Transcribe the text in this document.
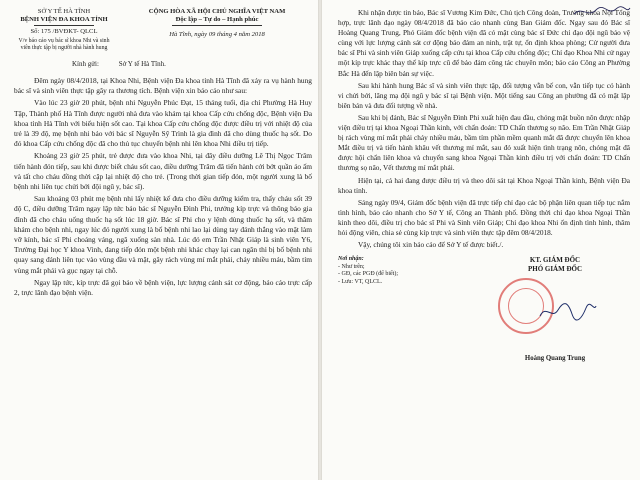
SỞ Y TẾ HÀ TĨNH
BỆNH VIỆN ĐA KHOA TỈNH
Số: 175 /BVĐKT- QLCL
V/v báo cáo vụ bác sĩ khoa Nhi và sinh viên thực tập bị người nhà hành hung
CỘNG HÒA XÃ HỘI CHỦ NGHĨA VIỆT NAM
Độc lập – Tự do – Hạnh phúc
Hà Tĩnh, ngày 09 tháng 4 năm 2018
Kính gửi:	Sở Y tế Hà Tĩnh.

Đêm ngày 08/4/2018, tại Khoa Nhi, Bệnh viện Đa khoa tỉnh Hà Tĩnh đã xảy ra vụ hành hung bác sĩ và sinh viên thực tập gây ra thương tích. Bệnh viện xin báo cáo như sau:

Vào lúc 23 giờ 20 phút, bệnh nhi Nguyễn Phúc Đạt, 15 tháng tuổi, địa chỉ Phường Hà Huy Tập, Thành phố Hà Tĩnh được người nhà đưa vào khám tại khoa Cấp cứu chống độc, Bệnh viện Đa khoa tỉnh Hà Tĩnh với biểu hiện sốt cao. Tại khoa Cấp cứu chống độc được điều trị với nhiệt độ của trẻ là 39 độ, mẹ bệnh nhi bảo với bác sĩ Nguyễn Sỹ Trình là gia đình đã cho dùng thuốc hạ sốt. Do đó khoa Cấp cứu chống độc đã cho thủ tục chuyển bệnh nhi lên khoa Nhi điều trị tiếp.

Khoảng 23 giờ 25 phút, trẻ được đưa vào khoa Nhi, tại đây điều dưỡng Lê Thị Ngọc Trâm tiến hành đón tiếp, sau khi được biết cháu sốt cao, điều dưỡng Trâm đã tiến hành cởi bớt quần áo ấm và tất cho cháu đồng thời cặp lại nhiệt độ cho trẻ. (Trong thời gian tiếp đón, một người xung là bố bệnh nhi liên tục chửi bới đội ngũ y, bác sĩ).

Sau khoảng 03 phút mẹ bệnh nhi lấy nhiệt kế đưa cho điều dưỡng kiểm tra, thấy cháu sốt 39 độ C, điều dưỡng Trâm ngay lập tức báo bác sĩ Nguyễn Đình Phi, trưởng kíp trực và thông báo gia đình đã cho cháu uống thuốc hạ sốt lúc 18 giờ. Bác sĩ Phi cho y lệnh dùng thuốc hạ sốt, và thăm khám cho bệnh nhi, ngay lúc đó người xung là bố bệnh nhi lao lại dùng tay đánh thẳng vào mặt làm vỡ kính, bác sĩ Phi choáng váng, ngã xuống sàn nhà. Lúc đó em Trần Nhật Giáp là sinh viên Y6, Trường Đại học Y khoa Vinh, đang tiếp đón một bệnh nhi khác chạy lại can ngăn thì bị bố bệnh nhi quay sang đánh liên tục vào vùng đầu và mặt, gây rách vùng mí mắt phải, chảy nhiều máu, bầm tím vùng mắt phải và gục ngay tại chỗ.

Ngay lập tức, kíp trực đã gọi báo về bệnh viện, lực lượng cảnh sát cơ động, báo cáo trực cấp 2, trực lãnh đạo bệnh viện.

Khi nhận được tin báo, Bác sĩ Vương Kim Đức, Chủ tịch Công đoàn, Trưởng khoa Nội Tổng hợp, trực lãnh đạo ngày 08/4/2018 đã báo cáo nhanh cùng Ban Giám đốc. Ngay sau đó Bác sĩ Hoàng Quang Trung, Phó Giám đốc bệnh viện đã có mặt cùng bác sĩ Đức chỉ đạo đội ngũ bảo vệ cùng với lực lượng cảnh sát cơ động bảo đảm an ninh, trật tự, ổn định khoa phòng; Cử người đưa bác sĩ Phi và sinh viên Giáp xuống cấp cứu tại khoa Cấp cứu chống độc; Chỉ đạo Khoa Nhi cử ngay một kíp trực khác thay thế kíp trực cũ để bảo đảm công tác chuyên môn; báo cáo Công an Phường Bắc Hà đến lập biên bản sự việc.

Sau khi hành hung Bác sĩ và sinh viên thực tập, đối tượng vẫn bế con, vẫn tiếp tục có hành vi chửi bới, lăng mạ đội ngũ y bác sĩ tại Bệnh viện. Một tiếng sau Công an phường đã có mặt lập biên bản và đưa đối tượng về nhà.

Sau khi bị đánh, Bác sĩ Nguyễn Đình Phi xuất hiện đau đầu, chóng mặt buồn nôn được nhập viện điều trị tại khoa Ngoại Thần kinh, với chẩn đoán: TD Chấn thương sọ não. Em Trần Nhật Giáp bị rách vùng mí mắt phải chảy nhiều máu, bầm tím phần mềm quanh mắt đã được chuyển lên khoa Mắt điều trị và tiến hành khâu vết thương mí mắt, sau đó xuất hiện tình trạng nôn, chóng mặt đã được hội chẩn liên khoa và chuyển sang khoa Ngoại Thần kinh điều trị với chẩn đoán: TD Chấn thương sọ não, Vết thương mí mắt phải.

Hiện tại, cả hai đang được điều trị và theo dõi sát tại Khoa Ngoại Thần kinh, Bệnh viện Đa khoa tỉnh.

Sáng ngày 09/4, Giám đốc bệnh viện đã trực tiếp chỉ đạo các bộ phận liên quan tiếp tục nắm tình hình, báo cáo nhanh cho Sở Y tế, Công an Thành phố. Đồng thời chỉ đạo khoa Ngoại Thần kinh theo dõi, điều trị cho bác sĩ Phi và Sinh viên Giáp; Chỉ đạo khoa Nhi ổn định tình hình, thăm hỏi động viên, chia sẻ cùng kíp trực và sinh viên thực tập đêm 08/4/2018.

Vậy, chúng tôi xin báo cáo để Sở Y tế được biết./.

Nơi nhận:
- Như trên;
- GĐ, các PGĐ (để biết);
- Lưu: VT, QLCL.
KT. GIÁM ĐỐC
PHÓ GIÁM ĐỐC
Hoàng Quang Trung
